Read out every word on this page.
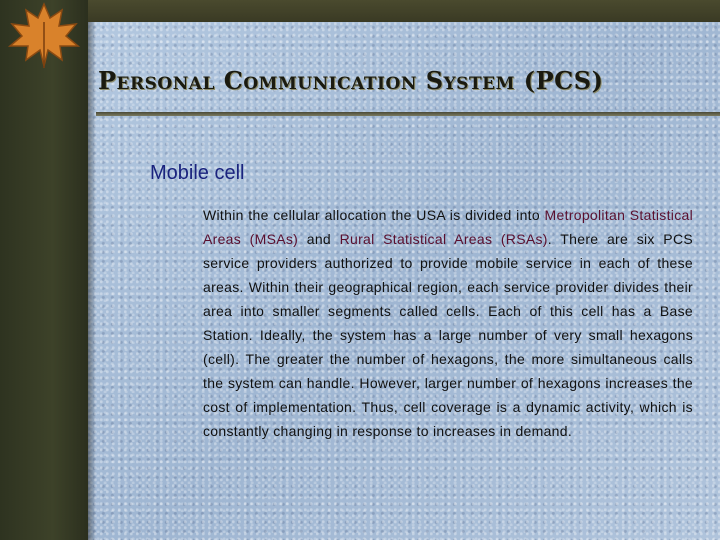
Personal Communication System (PCS)
Mobile cell
Within the cellular allocation the USA is divided into Metropolitan Statistical Areas (MSAs) and Rural Statistical Areas (RSAs). There are six PCS service providers authorized to provide mobile service in each of these areas. Within their geographical region, each service provider divides their area into smaller segments called cells. Each of this cell has a Base Station. Ideally, the system has a large number of very small hexagons (cell). The greater the number of hexagons, the more simultaneous calls the system can handle. However, larger number of hexagons increases the cost of implementation. Thus, cell coverage is a dynamic activity, which is constantly changing in response to increases in demand.
